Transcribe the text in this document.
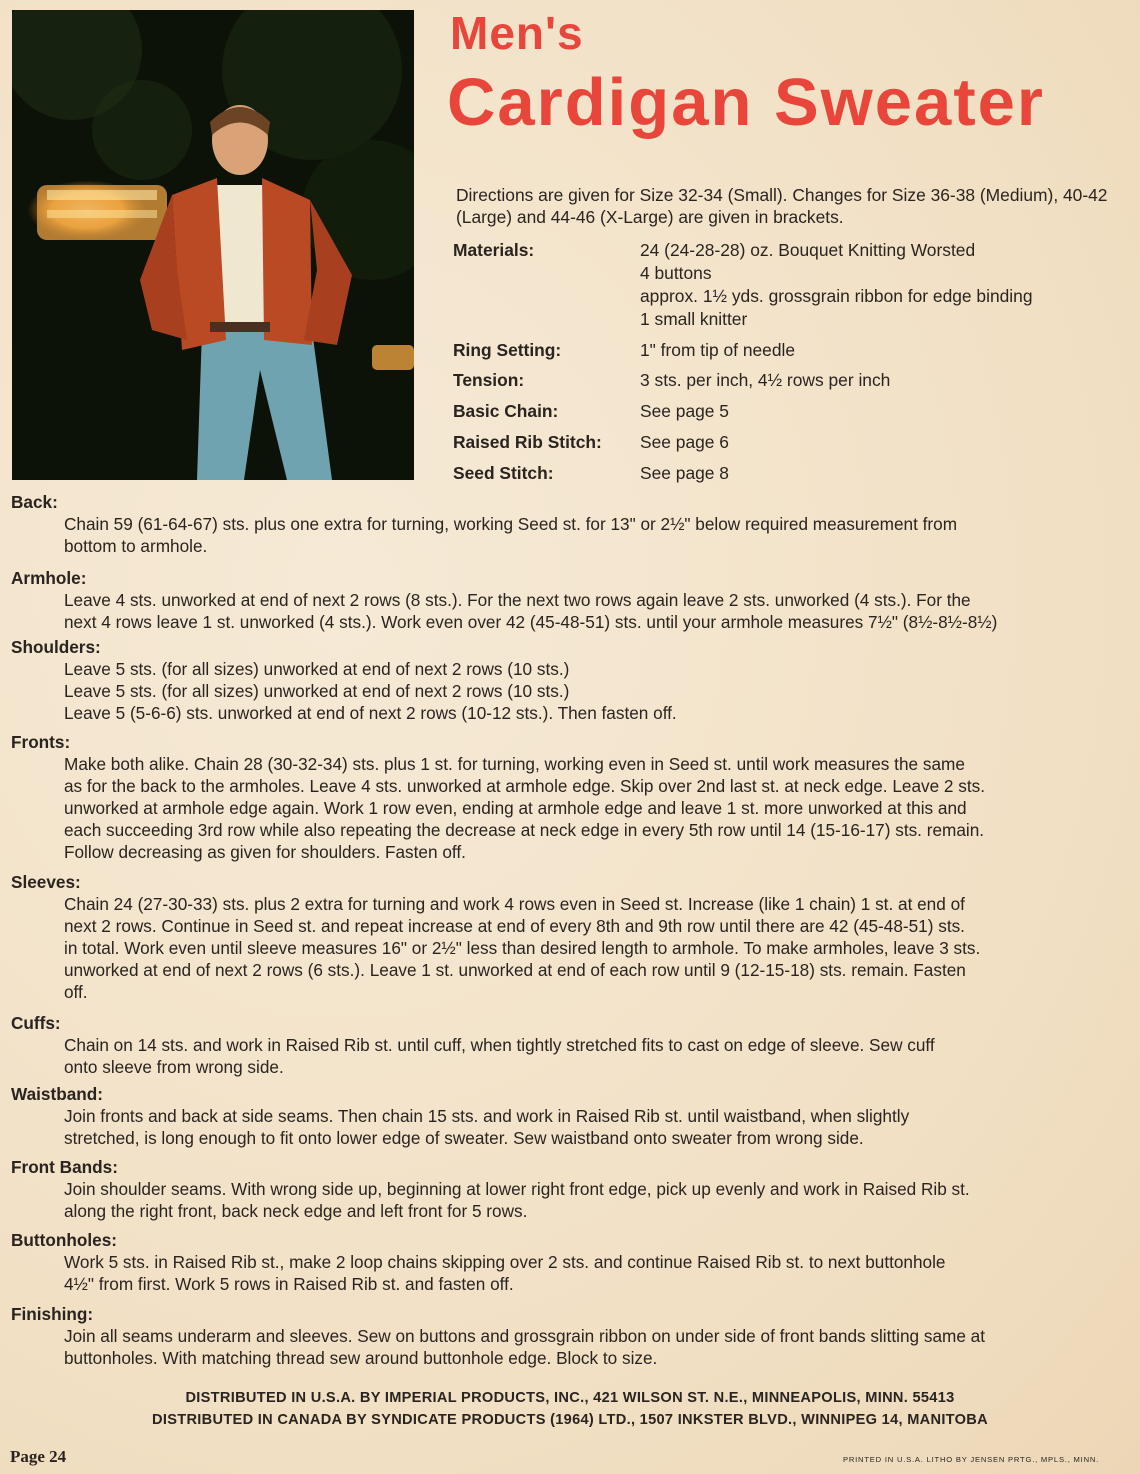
Men's
Cardigan Sweater
Directions are given for Size 32-34 (Small). Changes for Size 36-38 (Medium), 40-42 (Large) and 44-46 (X-Large) are given in brackets.
Materials:	24 (24-28-28) oz. Bouquet Knitting Worsted
4 buttons
approx. 1½ yds. grossgrain ribbon for edge binding
1 small knitter
Ring Setting:	1" from tip of needle
Tension:	3 sts. per inch, 4½ rows per inch
Basic Chain:	See page 5
Raised Rib Stitch: See page 6
Seed Stitch:	See page 8
Back:
Chain 59 (61-64-67) sts. plus one extra for turning, working Seed st. for 13" or 2½" below required measurement from
bottom to armhole.
Armhole:
Leave 4 sts. unworked at end of next 2 rows (8 sts.). For the next two rows again leave 2 sts. unworked (4 sts.). For the
next 4 rows leave 1 st. unworked (4 sts.). Work even over 42 (45-48-51) sts. until your armhole measures 7½" (8½-8½-8½)
Shoulders:
Leave 5 sts. (for all sizes) unworked at end of next 2 rows (10 sts.)
Leave 5 sts. (for all sizes) unworked at end of next 2 rows (10 sts.)
Leave 5 (5-6-6) sts. unworked at end of next 2 rows (10-12 sts.). Then fasten off.
Fronts:
Make both alike. Chain 28 (30-32-34) sts. plus 1 st. for turning, working even in Seed st. until work measures the same
as for the back to the armholes. Leave 4 sts. unworked at armhole edge. Skip over 2nd last st. at neck edge. Leave 2 sts.
unworked at armhole edge again. Work 1 row even, ending at armhole edge and leave 1 st. more unworked at this and
each succeeding 3rd row while also repeating the decrease at neck edge in every 5th row until 14 (15-16-17) sts. remain.
Follow decreasing as given for shoulders. Fasten off.
Sleeves:
Chain 24 (27-30-33) sts. plus 2 extra for turning and work 4 rows even in Seed st. Increase (like 1 chain) 1 st. at end of
next 2 rows. Continue in Seed st. and repeat increase at end of every 8th and 9th row until there are 42 (45-48-51) sts.
in total. Work even until sleeve measures 16" or 2½" less than desired length to armhole. To make armholes, leave 3 sts.
unworked at end of next 2 rows (6 sts.). Leave 1 st. unworked at end of each row until 9 (12-15-18) sts. remain. Fasten
off.
Cuffs:
Chain on 14 sts. and work in Raised Rib st. until cuff, when tightly stretched fits to cast on edge of sleeve. Sew cuff
onto sleeve from wrong side.
Waistband:
Join fronts and back at side seams. Then chain 15 sts. and work in Raised Rib st. until waistband, when slightly
stretched, is long enough to fit onto lower edge of sweater. Sew waistband onto sweater from wrong side.
Front Bands:
Join shoulder seams. With wrong side up, beginning at lower right front edge, pick up evenly and work in Raised Rib st.
along the right front, back neck edge and left front for 5 rows.
Buttonholes:
Work 5 sts. in Raised Rib st., make 2 loop chains skipping over 2 sts. and continue Raised Rib st. to next buttonhole
4½" from first. Work 5 rows in Raised Rib st. and fasten off.
Finishing:
Join all seams underarm and sleeves. Sew on buttons and grossgrain ribbon on under side of front bands slitting same at
buttonholes. With matching thread sew around buttonhole edge. Block to size.
DISTRIBUTED IN U.S.A. BY IMPERIAL PRODUCTS, INC., 421 WILSON ST. N.E., MINNEAPOLIS, MINN. 55413
DISTRIBUTED IN CANADA BY SYNDICATE PRODUCTS (1964) LTD., 1507 INKSTER BLVD., WINNIPEG 14, MANITOBA
Page 24	PRINTED IN U.S.A. LITHO BY JENSEN PRTG., MPLS., MINN.
